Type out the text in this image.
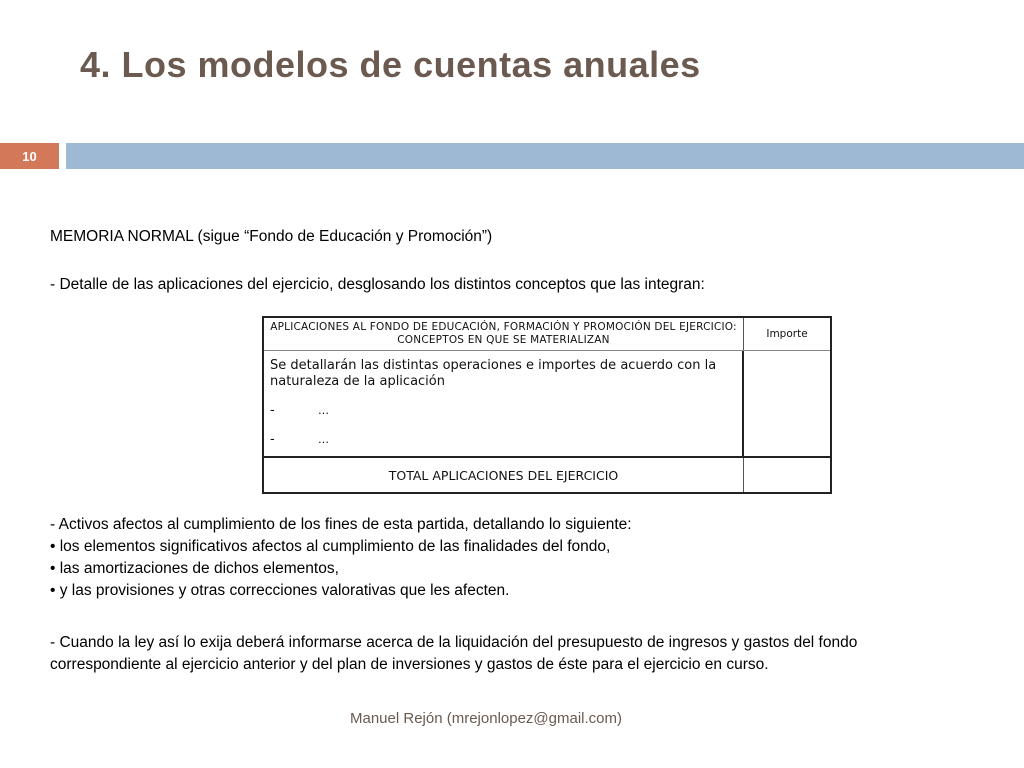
4. Los modelos de cuentas anuales
10

MEMORIA NORMAL (sigue “Fondo de Educación y Promoción”)

- Detalle de las aplicaciones del ejercicio, desglosando los distintos conceptos que las integran:

APLICACIONES AL FONDO DE EDUCACIÓN, FORMACIÓN Y PROMOCIÓN DEL EJERCICIO: CONCEPTOS EN QUE SE MATERIALIZAN	Importe

Se detallarán las distintas operaciones e importes de acuerdo con la naturaleza de la aplicación

-	…
-	…
TOTAL APLICACIONES DEL EJERCICIO
- Activos afectos al cumplimiento de los fines de esta partida, detallando lo siguiente:
• los elementos significativos afectos al cumplimiento de las finalidades del fondo,
• las amortizaciones de dichos elementos,
• y las provisiones y otras correcciones valorativas que les afecten.

- Cuando la ley así lo exija deberá informarse acerca de la liquidación del presupuesto de ingresos y gastos del fondo correspondiente al ejercicio anterior y del plan de inversiones y gastos de éste para el ejercicio en curso.

Manuel Rejón (mrejonlopez@gmail.com)
